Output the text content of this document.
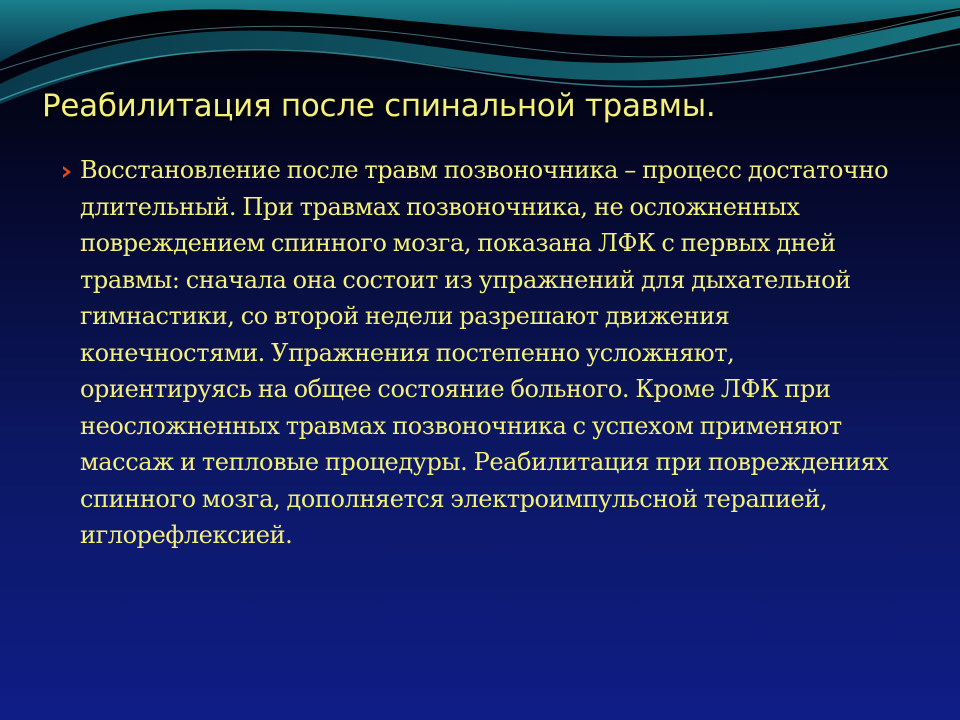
Реабилитация после спинальной травмы.

Восстановление после травм позвоночника – процесс достаточно длительный. При травмах позвоночника, не осложненных повреждением спинного мозга, показана ЛФК с первых дней травмы: сначала она состоит из упражнений для дыхательной гимнастики, со второй недели разрешают движения конечностями. Упражнения постепенно усложняют, ориентируясь на общее состояние больного. Кроме ЛФК при неосложненных травмах позвоночника с успехом применяют массаж и тепловые процедуры. Реабилитация при повреждениях спинного мозга, дополняется электроимпульсной терапией, иглорефлексией.
